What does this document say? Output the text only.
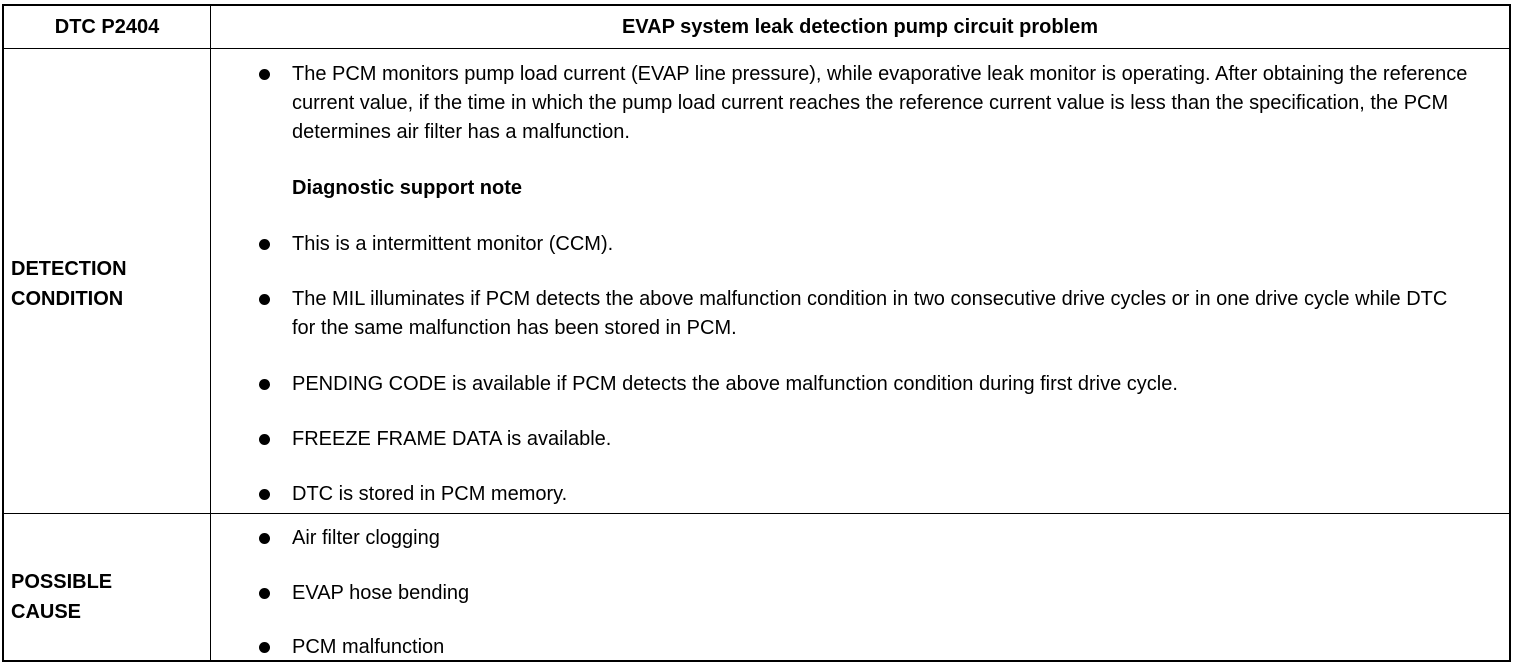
DTC P2404	EVAP system leak detection pump circuit problem
DETECTION
CONDITION
The PCM monitors pump load current (EVAP line pressure), while evaporative leak monitor is operating. After obtaining the reference current value, if the time in which the pump load current reaches the reference current value is less than the specification, the PCM determines air filter has a malfunction.
Diagnostic support note
This is a intermittent monitor (CCM).
The MIL illuminates if PCM detects the above malfunction condition in two consecutive drive cycles or in one drive cycle while DTC for the same malfunction has been stored in PCM.
PENDING CODE is available if PCM detects the above malfunction condition during first drive cycle.
FREEZE FRAME DATA is available.
DTC is stored in PCM memory.
POSSIBLE
CAUSE
Air filter clogging
EVAP hose bending
PCM malfunction
